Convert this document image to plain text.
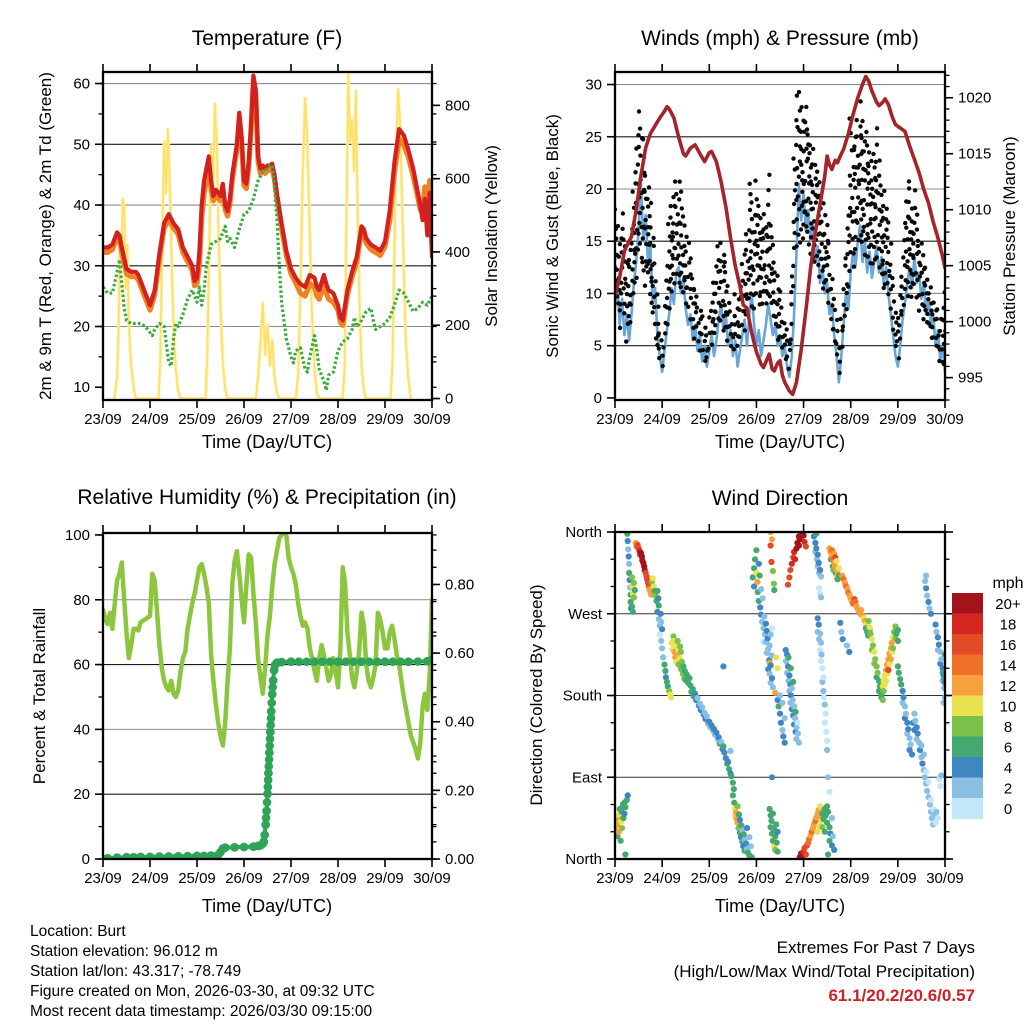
23/09 24/09 25/09 26/09 27/09 28/09 29/09 30/09
10
20
30
40
50
60
0
200
400
600
800
23/09 24/09 25/09 26/09 27/09 28/09 29/09 30/09
0
5
10
15
20
25
30
995
1000
1005
1010
1015
1020
23/09 24/09 25/09 26/09 27/09 28/09 29/09 30/09
0
20
40
60
80
100
0.00
0.20
0.40
0.60
0.80
23/09 24/09 25/09 26/09 27/09 28/09 29/09 30/09
North
West
South
East
North
20+
18
16
14
12
10
8
6
4
2
0
Temperature (F)	Winds (mph) & Pressure (mb)
Relative Humidity (%) & Precipitation (in)	Wind Direction
2m & 9m T (Red, Orange) & 2m Td (Green)	Solar Insolation (Yellow) Sonic Wind & Gust (Blue, Black)	Station Pressure (Maroon)
Percent & Total Rainfall	Direction (Colored By Speed)
Time (Day/UTC)	Time (Day/UTC)
Time (Day/UTC)	Time (Day/UTC)
mph
Location: Burt
Station elevation: 96.012 m
Station lat/lon: 43.317; -78.749
Figure created on Mon, 2026-03-30, at 09:32 UTC
Most recent data timestamp: 2026/03/30 09:15:00
Extremes For Past 7 Days
(High/Low/Max Wind/Total Precipitation)
61.1/20.2/20.6/0.57
